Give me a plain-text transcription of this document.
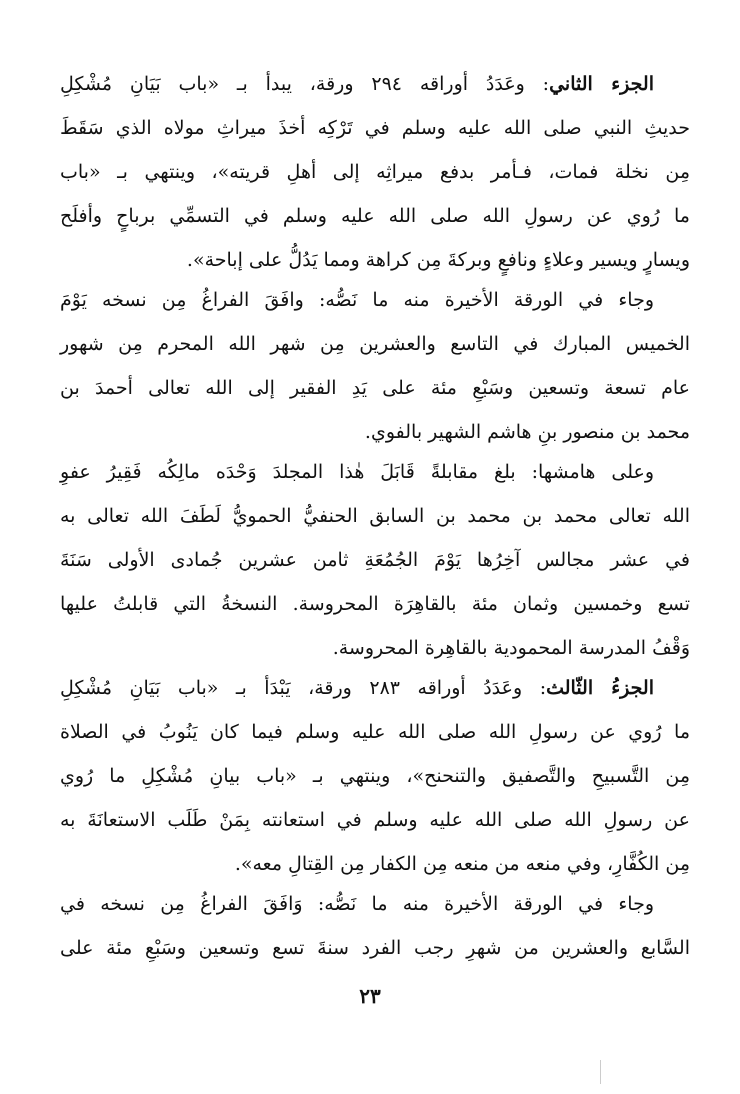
الجزء الثاني: وعَدَدُ أوراقه ٢٩٤ ورقة، يبدأ بـ «باب بَيَانِ مُشْكِلِ
حديثِ النبي صلى الله عليه وسلم في تَرْكِه أخذَ ميراثِ مولاه الذي سَقَطَ
مِن نخلة فمات، فـأمر بدفع ميراثِه إلى أهلِ قريته»، وينتهي بـ «باب
ما رُوي عن رسولِ الله صلى الله عليه وسلم في التسمِّي برباحٍ وأفلَح
ويسارٍ ويسير وعلاءٍ ونافعٍ وبركةَ مِن كراهة ومما يَدُلُّ على إباحة».
وجاء في الورقة الأخيرة منه ما نَصُّه: وافَقَ الفراغُ مِن نسخه يَوْمَ
الخميس المبارك في التاسع والعشرين مِن شهر الله المحرم مِن شهور
عام تسعة وتسعين وسَبْعِ مئة على يَدِ الفقير إلى الله تعالى أحمدَ بن
محمد بن منصور بنِ هاشم الشهير بالفوي.
وعلى هامشها: بلغ مقابلةً قَابَلَ هٰذا المجلدَ وَحْدَه مالِكُه فَقِيرُ عفوِ
الله تعالى محمد بن محمد بن السابق الحنفيُّ الحمويُّ لَطَفَ الله تعالى به
في عشر مجالس آخِرُها يَوْمَ الجُمُعَةِ ثامن عشرين جُمادى الأولى سَنَةَ
تسع وخمسين وثمان مئة بالقاهِرَة المحروسة. النسخةُ التي قابلتُ عليها
وَقْفُ المدرسة المحمودية بالقاهِرة المحروسة.
الجزءُ الثّالث: وعَدَدُ أوراقه ٢٨٣ ورقة، يَبْدَأ بـ «باب بَيَانِ مُشْكِلِ
ما رُوي عن رسولِ الله صلى الله عليه وسلم فيما كان يَنُوبُ في الصلاة
مِن التَّسبيحِ والتَّصفيق والتنحنح»، وينتهي بـ «باب بيانِ مُشْكِلِ ما رُوي
عن رسولِ الله صلى الله عليه وسلم في استعانته بِمَنْ طَلَب الاستعانَةَ به
مِن الكُفَّارِ، وفي منعه من منعه مِن الكفار مِن القِتالِ معه».
وجاء في الورقة الأخيرة منه ما نَصُّه: وَافَقَ الفراغُ مِن نسخه في
السَّابع والعشرين من شهرِ رجب الفرد سنةَ تسع وتسعين وسَبْعِ مئة على
٢٣
